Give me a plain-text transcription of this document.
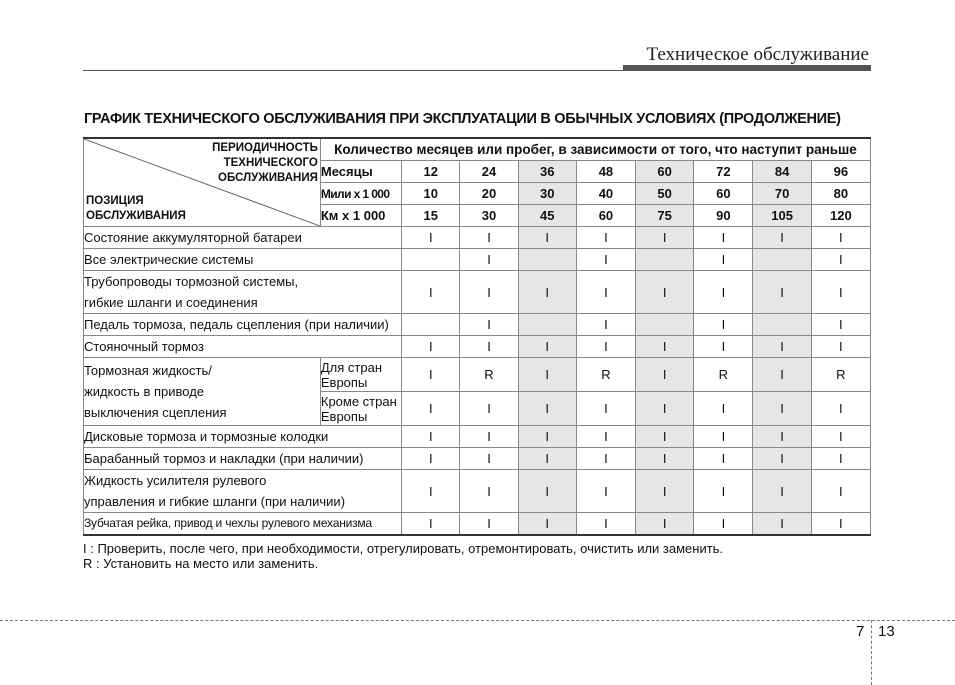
Техническое обслуживание
ГРАФИК ТЕХНИЧЕСКОГО ОБСЛУЖИВАНИЯ ПРИ ЭКСПЛУАТАЦИИ В ОБЫЧНЫХ УСЛОВИЯХ (ПРОДОЛЖЕНИЕ)
ПЕРИОДИЧНОСТЬ
ТЕХНИЧЕСКОГО
ОБСЛУЖИВАНИЯ
ПОЗИЦИЯ
ОБСЛУЖИВАНИЯ	Количество месяцев или пробег, в зависимости от того, что наступит раньше								
	Месяцы	12	24	36	48	60	72	84	96
	Мили x 1 000	10	20	30	40	50	60	70	80
	Км x 1 000	15	30	45	60	75	90	105	120

Состояние аккумуляторной батареи		I	I	I	I	I	I	I	I

Все электрические системы			I		I		I		I

Трубопроводы тормозной системы,
гибкие шланги и соединения		I	I	I	I	I	I	I	I

Педаль тормоза, педаль сцепления (при наличии)			I		I		I		I

Стояночный тормоз		I	I	I	I	I	I	I	I

Тормозная жидкость/
жидкость в приводе
выключения сцепления	Для стран Европы	I	R	I	R	I	R	I	R
	Кроме стран Европы	I	I	I	I	I	I	I	I

Дисковые тормоза и тормозные колодки		I	I	I	I	I	I	I	I

Барабанный тормоз и накладки (при наличии)		I	I	I	I	I	I	I	I

Жидкость усилителя рулевого
управления и гибкие шланги (при наличии)		I	I	I	I	I	I	I	I

Зубчатая рейка, привод и чехлы рулевого механизма		I	I	I	I	I	I	I	I
I : Проверить, после чего, при необходимости, отрегулировать, отремонтировать, очистить или заменить.
R : Установить на место или заменить.
7 13
